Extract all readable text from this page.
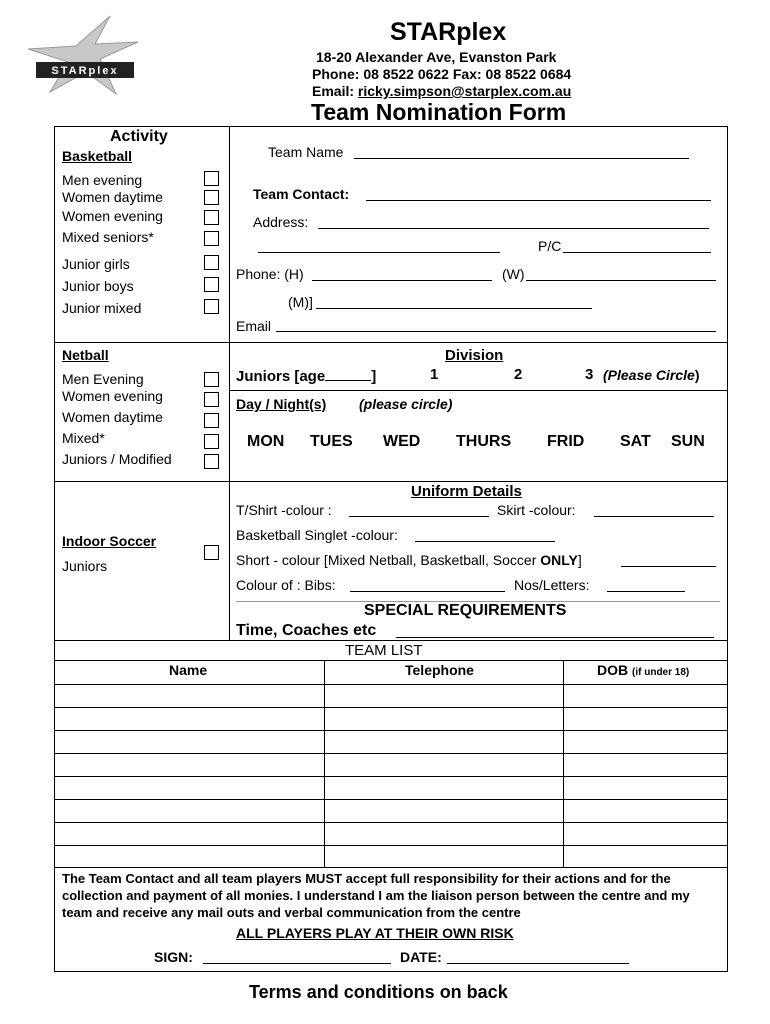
STARplex
STARplex
18-20 Alexander Ave, Evanston Park
Phone: 08 8522 0622 Fax: 08 8522 0684
Email: ricky.simpson@starplex.com.au
Team Nomination Form
Activity
Basketball
Men evening
Women daytime
Women evening
Mixed seniors*
Junior girls
Junior boys
Junior mixed
Team Name
Team Contact:
Address:
P/C
Phone: (H)	(W)
(M)]
Email
Netball
Men Evening
Women evening
Women daytime
Mixed*
Juniors / Modified
Division
Juniors [age	]	1	2	3 (Please Circle)
Day / Night(s) (please circle)
MON TUES WED THURS FRID SAT SUN
Indoor Soccer
Juniors
Uniform Details
T/Shirt -colour :	Skirt -colour:
Basketball Singlet -colour:
Short - colour [Mixed Netball, Basketball, Soccer ONLY]
Colour of : Bibs:	Nos/Letters:
SPECIAL REQUIREMENTS
Time, Coaches etc
TEAM LIST
Name	Telephone	DOB (if under 18)
The Team Contact and all team players MUST accept full responsibility for their actions and for the collection and payment of all monies. I understand I am the liaison person between the centre and my team and receive any mail outs and verbal communication from the centre
ALL PLAYERS PLAY AT THEIR OWN RISK
SIGN:	DATE:
Terms and conditions on back
